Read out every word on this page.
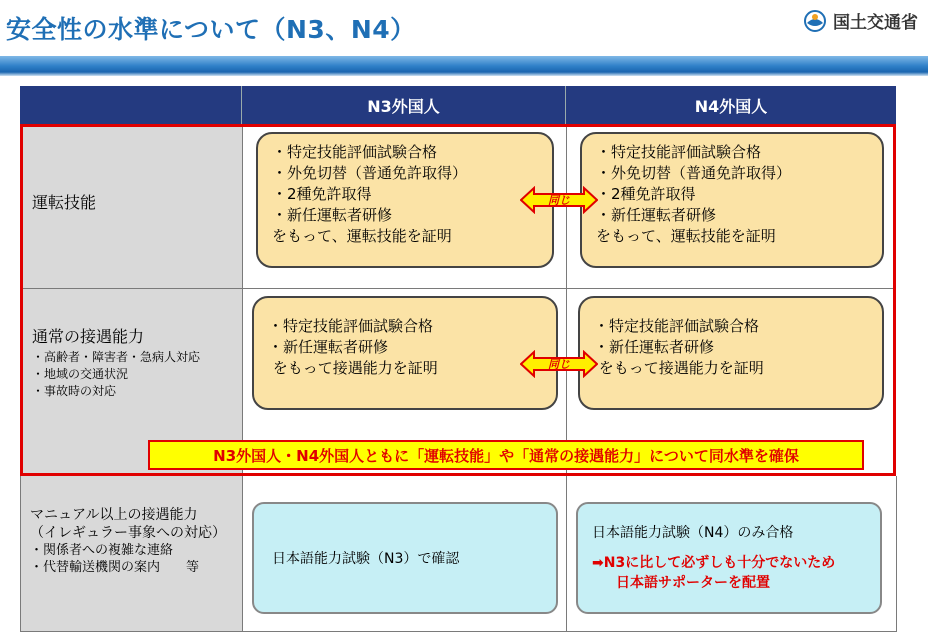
安全性の水準について（N3、N4）	国土交通省
N3外国人	N4外国人
運転技能
・特定技能評価試験合格
・外免切替（普通免許取得）
・2種免許取得
・新任運転者研修
をもって、運転技能を証明
・特定技能評価試験合格
・外免切替（普通免許取得）
・2種免許取得
・新任運転者研修
をもって、運転技能を証明
同じ
通常の接遇能力
・高齢者・障害者・急病人対応
・地域の交通状況
・事故時の対応
・特定技能評価試験合格
・新任運転者研修
をもって接遇能力を証明
・特定技能評価試験合格
・新任運転者研修
をもって接遇能力を証明
同じ
N3外国人・N4外国人ともに「運転技能」や「通常の接遇能力」について同水準を確保
マニュアル以上の接遇能力
（イレギュラー事象への対応）
・関係者への複雑な連絡
・代替輸送機関の案内　　等
日本語能力試験（N3）で確認
日本語能力試験（N4）のみ合格
➡N3に比して必ずしも十分でないため
日本語サポーターを配置
